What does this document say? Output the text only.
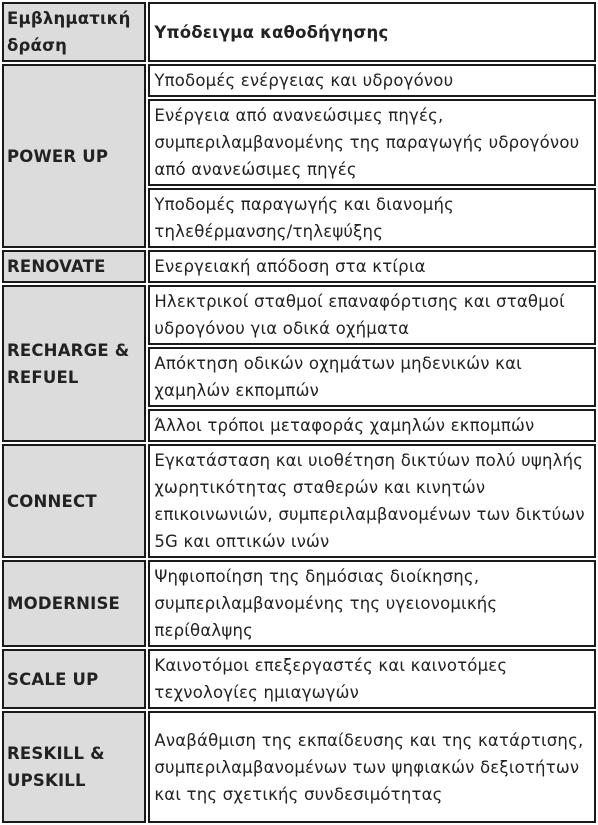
Εμβληματική δράση	Υπόδειγμα καθοδήγησης
POWER UP	Υποδομές ενέργειας και υδρογόνου
	Ενέργεια από ανανεώσιμες πηγές, συμπεριλαμβανομένης της παραγωγής υδρογόνου από ανανεώσιμες πηγές
	Υποδομές παραγωγής και διανομής τηλεθέρμανσης/τηλεψύξης
RENOVATE	Ενεργειακή απόδοση στα κτίρια
RECHARGE & REFUEL	Ηλεκτρικοί σταθμοί επαναφόρτισης και σταθμοί υδρογόνου για οδικά οχήματα
	Απόκτηση οδικών οχημάτων μηδενικών και χαμηλών εκπομπών
	Άλλοι τρόποι μεταφοράς χαμηλών εκπομπών
CONNECT	Εγκατάσταση και υιοθέτηση δικτύων πολύ υψηλής χωρητικότητας σταθερών και κινητών επικοινωνιών, συμπεριλαμβανομένων των δικτύων 5G και οπτικών ινών
MODERNISE	Ψηφιοποίηση της δημόσιας διοίκησης, συμπεριλαμβανομένης της υγειονομικής περίθαλψης
SCALE UP	Καινοτόμοι επεξεργαστές και καινοτόμες τεχνολογίες ημιαγωγών
RESKILL & UPSKILL	Αναβάθμιση της εκπαίδευσης και της κατάρτισης, συμπεριλαμβανομένων των ψηφιακών δεξιοτήτων και της σχετικής συνδεσιμότητας
